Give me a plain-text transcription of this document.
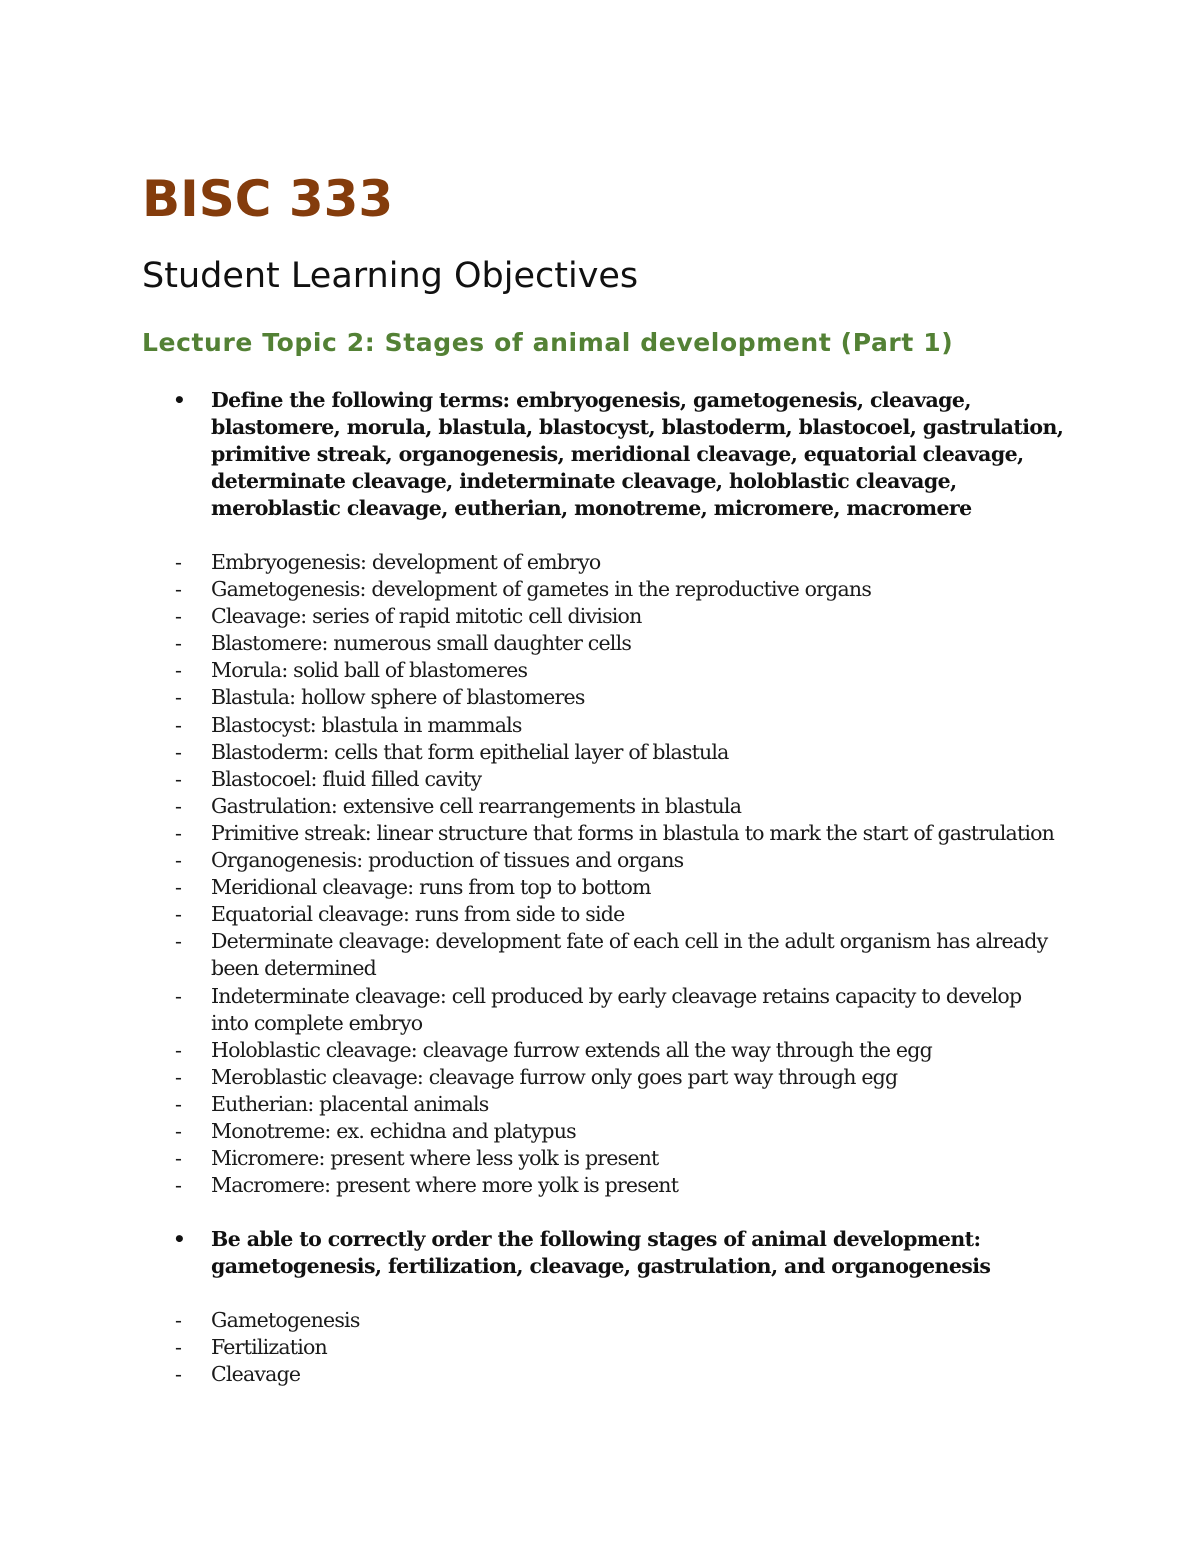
BISC 333
Student Learning Objectives
Lecture Topic 2: Stages of animal development (Part 1)
• Define the following terms: embryogenesis, gametogenesis, cleavage, blastomere, morula, blastula, blastocyst, blastoderm, blastocoel, gastrulation, primitive streak, organogenesis, meridional cleavage, equatorial cleavage, determinate cleavage, indeterminate cleavage, holoblastic cleavage, meroblastic cleavage, eutherian, monotreme, micromere, macromere
- Embryogenesis: development of embryo
- Gametogenesis: development of gametes in the reproductive organs
- Cleavage: series of rapid mitotic cell division
- Blastomere: numerous small daughter cells
- Morula: solid ball of blastomeres
- Blastula: hollow sphere of blastomeres
- Blastocyst: blastula in mammals
- Blastoderm: cells that form epithelial layer of blastula
- Blastocoel: fluid filled cavity
- Gastrulation: extensive cell rearrangements in blastula
- Primitive streak: linear structure that forms in blastula to mark the start of gastrulation
- Organogenesis: production of tissues and organs
- Meridional cleavage: runs from top to bottom
- Equatorial cleavage: runs from side to side
- Determinate cleavage: development fate of each cell in the adult organism has already been determined
- Indeterminate cleavage: cell produced by early cleavage retains capacity to develop into complete embryo
- Holoblastic cleavage: cleavage furrow extends all the way through the egg
- Meroblastic cleavage: cleavage furrow only goes part way through egg
- Eutherian: placental animals
- Monotreme: ex. echidna and platypus
- Micromere: present where less yolk is present
- Macromere: present where more yolk is present
• Be able to correctly order the following stages of animal development: gametogenesis, fertilization, cleavage, gastrulation, and organogenesis
- Gametogenesis
- Fertilization
- Cleavage
